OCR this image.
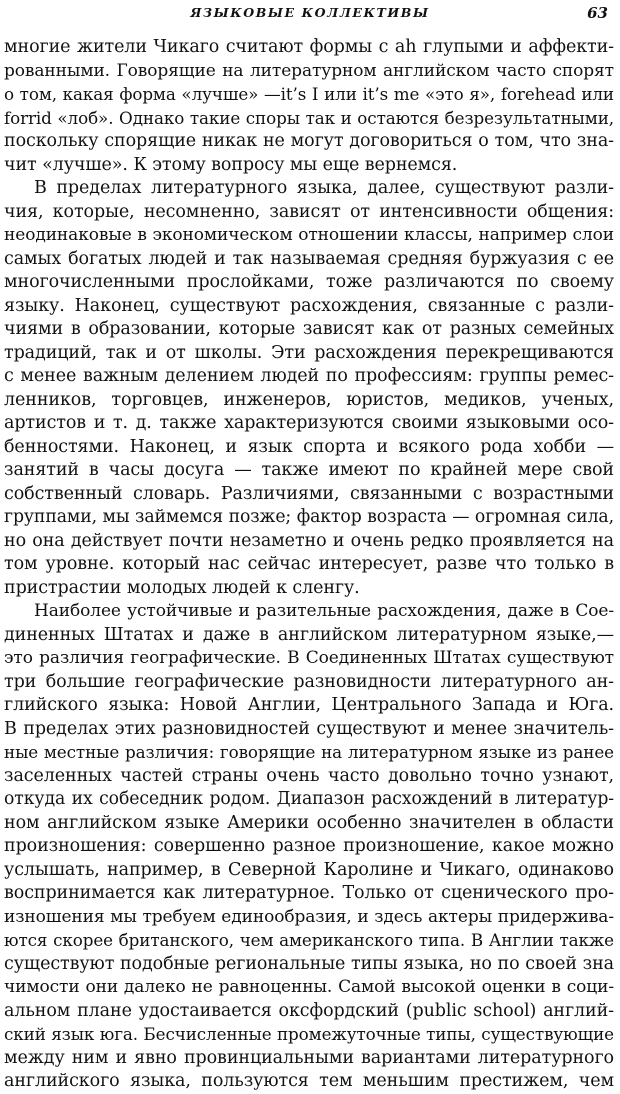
ЯЗЫКОВЫЕ КОЛЛЕКТИВЫ	63
многие жители Чикаго считают формы с ah глупыми и аффекти-
рованными. Говорящие на литературном английском часто спорят
о том, какая форма «лучше» —it’s I или it’s me «это я», forehead или
forrid «лоб». Однако такие споры так и остаются безрезультатными,
поскольку спорящие никак не могут договориться о том, что зна-
чит «лучше». К этому вопросу мы еще вернемся.
В пределах литературного языка, далее, существуют разли-
чия, которые, несомненно, зависят от интенсивности общения:
неодинаковые в экономическом отношении классы, например слои
самых богатых людей и так называемая средняя буржуазия с ее
многочисленными прослойками, тоже различаются по своему
языку. Наконец, существуют расхождения, связанные с разли-
чиями в образовании, которые зависят как от разных семейных
традиций, так и от школы. Эти расхождения перекрещиваются
с менее важным делением людей по профессиям: группы ремес-
ленников, торговцев, инженеров, юристов, медиков, ученых,
артистов и т. д. также характеризуются своими языковыми осо-
бенностями. Наконец, и язык спорта и всякого рода хобби —
занятий в часы досуга — также имеют по крайней мере свой
собственный словарь. Различиями, связанными с возрастными
группами, мы займемся позже; фактор возраста — огромная сила,
но она действует почти незаметно и очень редко проявляется на
том уровне. который нас сейчас интересует, разве что только в
пристрастии молодых людей к сленгу.
Наиболее устойчивые и разительные расхождения, даже в Сое-
диненных Штатах и даже в английском литературном языке,—
это различия географические. В Соединенных Штатах существуют
три большие географические разновидности литературного ан-
глийского языка: Новой Англии, Центрального Запада и Юга.
В пределах этих разновидностей существуют и менее значитель-
ные местные различия: говорящие на литературном языке из ранее
заселенных частей страны очень часто довольно точно узнают,
откуда их собеседник родом. Диапазон расхождений в литератур-
ном английском языке Америки особенно значителен в области
произношения: совершенно разное произношение, какое можно
услышать, например, в Северной Каролине и Чикаго, одинаково
воспринимается как литературное. Только от сценического про-
изношения мы требуем единообразия, и здесь актеры придержива-
ются скорее британского, чем американского типа. В Англии также
существуют подобные региональные типы языка, но по своей зна
чимости они далеко не равноценны. Самой высокой оценки в соци-
альном плане удостаивается оксфордский (public school) англий-
ский язык юга. Бесчисленные промежуточные типы, существующие
между ним и явно провинциальными вариантами литературного
английского языка, пользуются тем меньшим престижем, чем
